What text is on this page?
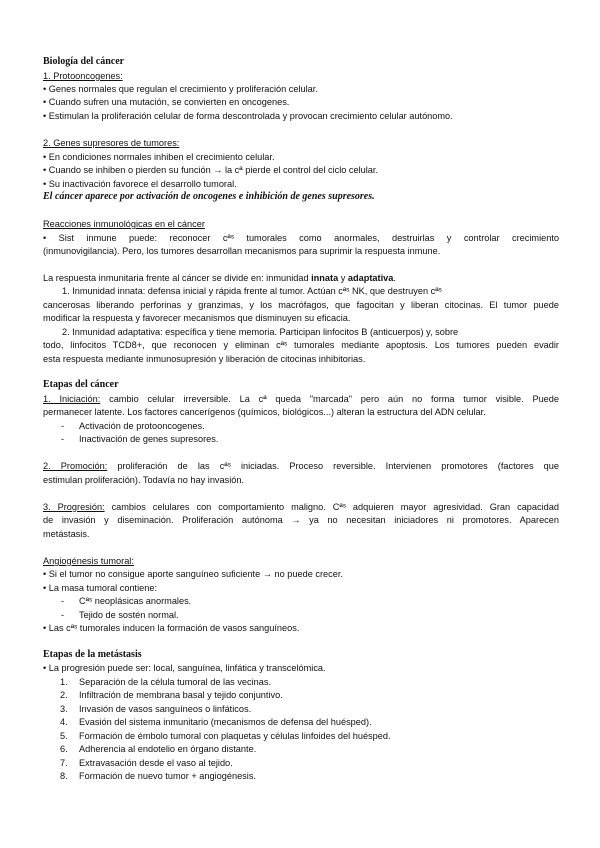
Biología del cáncer
1. Protooncogenes:
• Genes normales que regulan el crecimiento y proliferación celular.
• Cuando sufren una mutación, se convierten en oncogenes.
• Estimulan la proliferación celular de forma descontrolada y provocan crecimiento celular autónomo.
2. Genes supresores de tumores:
• En condiciones normales inhiben el crecimiento celular.
• Cuando se inhiben o pierden su función → la cª pierde el control del ciclo celular.
• Su inactivación favorece el desarrollo tumoral.
El cáncer aparece por activación de oncogenes e inhibición de genes supresores.
Reacciones inmunológicas en el cáncer
• Sist inmune puede: reconocer cªˢ tumorales como anormales, destruirlas y controlar crecimiento
(inmunovigilancia). Pero, los tumores desarrollan mecanismos para suprimir la respuesta inmune.
La respuesta inmunitaria frente al cáncer se divide en: inmunidad innata y adaptativa.
1. Inmunidad innata: defensa inicial y rápida frente al tumor. Actúan cªˢ NK, que destruyen cªˢ
cancerosas liberando perforinas y granzimas, y los macrófagos, que fagocitan y liberan citocinas. El tumor puede
modificar la respuesta y favorecer mecanismos que disminuyen su eficacia.
2. Inmunidad adaptativa: específica y tiene memoria. Participan linfocitos B (anticuerpos) y, sobre
todo, linfocitos TCD8+, que reconocen y eliminan cªˢ tumorales mediante apoptosis. Los tumores pueden evadir
esta respuesta mediante inmunosupresión y liberación de citocinas inhibitorias.
Etapas del cáncer
1. Iniciación: cambio celular irreversible. La cª queda "marcada" pero aún no forma tumor visible. Puede
permanecer latente. Los factores cancerígenos (químicos, biológicos...) alteran la estructura del ADN celular.
- Activación de protooncogenes.
- Inactivación de genes supresores.
2. Promoción: proliferación de las cªˢ iniciadas. Proceso reversible. Intervienen promotores (factores que
estimulan proliferación). Todavía no hay invasión.
3. Progresión: cambios celulares con comportamiento maligno. Cªˢ adquieren mayor agresividad. Gran capacidad
de invasión y diseminación. Proliferación autónoma → ya no necesitan iniciadores ni promotores. Aparecen
metástasis.
Angiogénesis tumoral:
• Si el tumor no consigue aporte sanguíneo suficiente → no puede crecer.
• La masa tumoral contiene:
- Cªˢ neoplásicas anormales.
- Tejido de sostén normal.
• Las cªˢ tumorales inducen la formación de vasos sanguíneos.
Etapas de la metástasis
• La progresión puede ser: local, sanguínea, linfática y transcelómica.
1. Separación de la célula tumoral de las vecinas.
2. Infiltración de membrana basal y tejido conjuntivo.
3. Invasión de vasos sanguíneos o linfáticos.
4. Evasión del sistema inmunitario (mecanismos de defensa del huésped).
5. Formación de émbolo tumoral con plaquetas y células linfoides del huésped.
6. Adherencia al endotelio en órgano distante.
7. Extravasación desde el vaso al tejido.
8. Formación de nuevo tumor + angiogénesis.
